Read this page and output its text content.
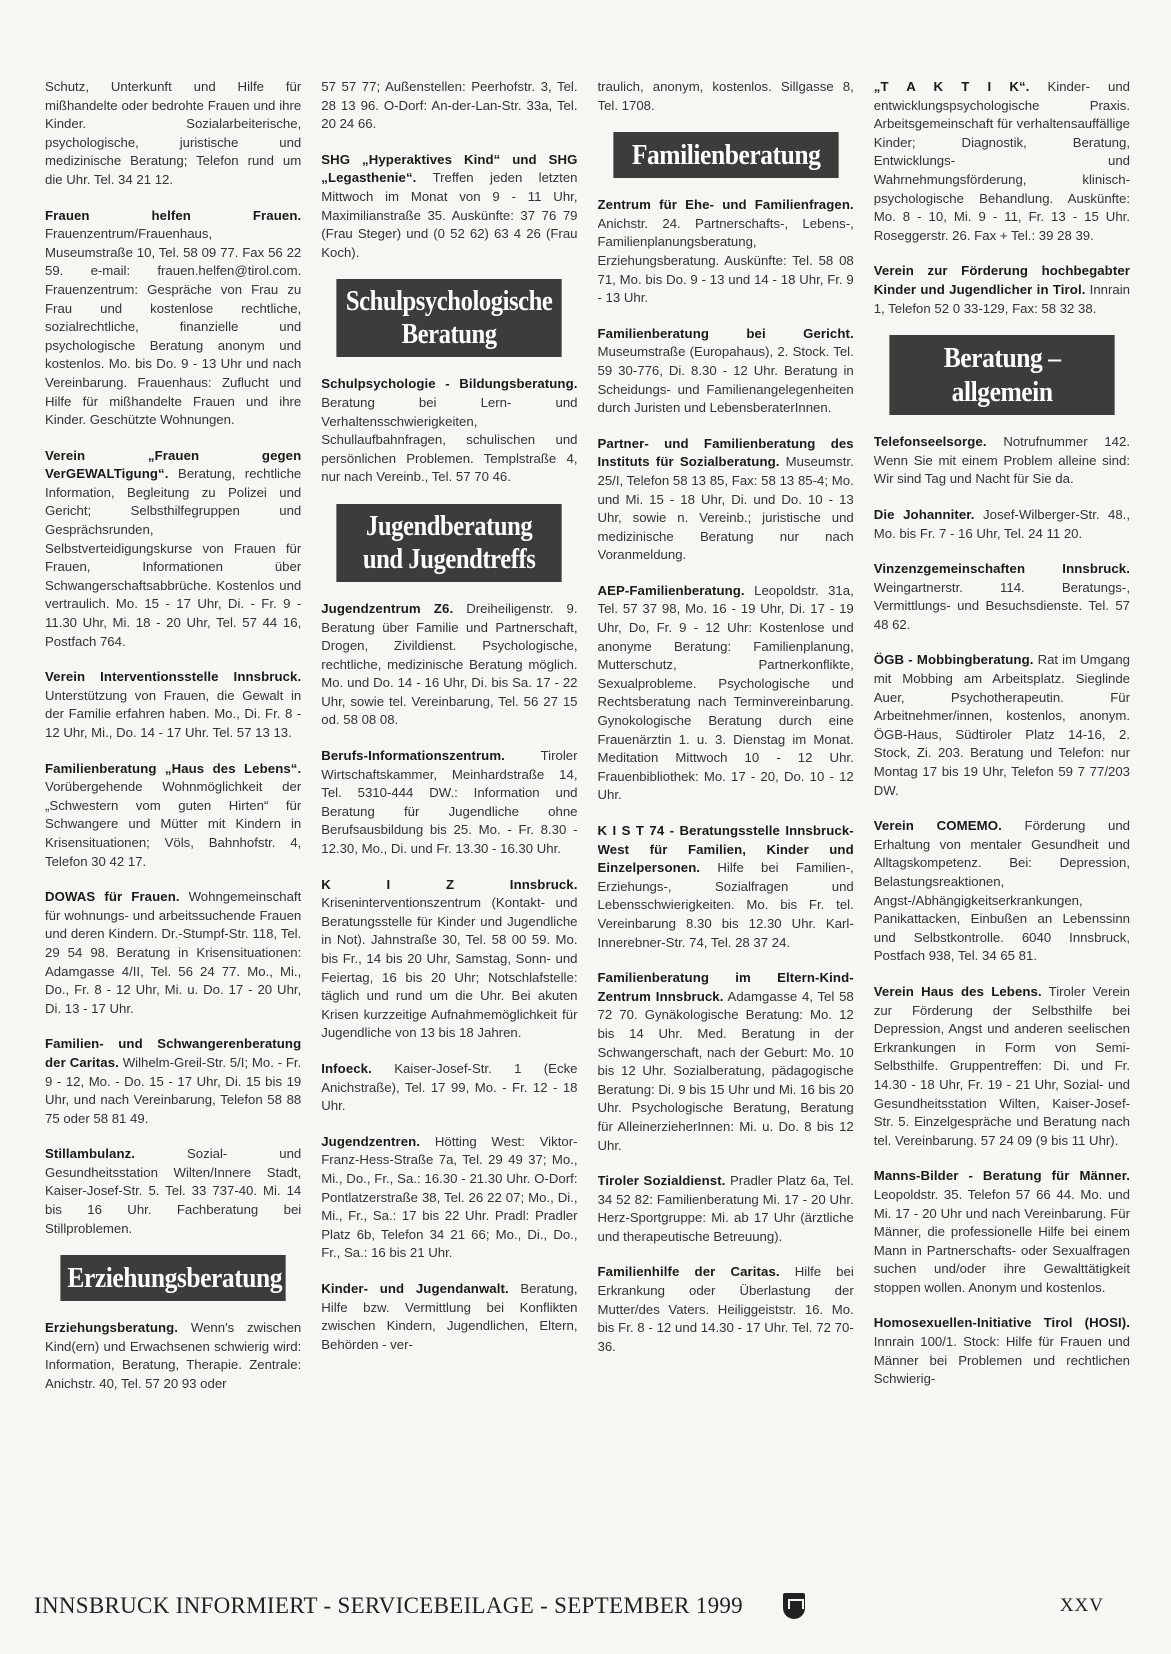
Schutz, Unterkunft und Hilfe für mißhandelte oder bedrohte Frauen und ihre Kinder. Sozialarbeiterische, psychologische, juristische und medizinische Beratung; Telefon rund um die Uhr. Tel. 34 21 12.

Frauen helfen Frauen. Frauenzentrum/Frauenhaus, Museumstraße 10, Tel. 58 09 77. Fax 56 22 59. e-mail: frauen.helfen@tirol.com. Frauenzentrum: Gespräche von Frau zu Frau und kostenlose rechtliche, sozialrechtliche, finanzielle und psychologische Beratung anonym und kostenlos. Mo. bis Do. 9 - 13 Uhr und nach Vereinbarung. Frauenhaus: Zuflucht und Hilfe für mißhandelte Frauen und ihre Kinder. Geschützte Wohnungen.

Verein „Frauen gegen VerGEWALTigung“. Beratung, rechtliche Information, Begleitung zu Polizei und Gericht; Selbsthilfegruppen und Gesprächsrunden, Selbstverteidigungskurse von Frauen für Frauen, Informationen über Schwangerschaftsabbrüche. Kostenlos und vertraulich. Mo. 15 - 17 Uhr, Di. - Fr. 9 - 11.30 Uhr, Mi. 18 - 20 Uhr, Tel. 57 44 16, Postfach 764.

Verein Interventionsstelle Innsbruck. Unterstützung von Frauen, die Gewalt in der Familie erfahren haben. Mo., Di. Fr. 8 - 12 Uhr, Mi., Do. 14 - 17 Uhr. Tel. 57 13 13.

Familienberatung „Haus des Lebens“. Vorübergehende Wohnmöglichkeit der „Schwestern vom guten Hirten“ für Schwangere und Mütter mit Kindern in Krisensituationen; Völs, Bahnhofstr. 4, Telefon 30 42 17.

DOWAS für Frauen. Wohngemeinschaft für wohnungs- und arbeitssuchende Frauen und deren Kindern. Dr.-Stumpf-Str. 118, Tel. 29 54 98. Beratung in Krisensituationen: Adamgasse 4/II, Tel. 56 24 77. Mo., Mi., Do., Fr. 8 - 12 Uhr, Mi. u. Do. 17 - 20 Uhr, Di. 13 - 17 Uhr.

Familien- und Schwangerenberatung der Caritas. Wilhelm-Greil-Str. 5/I; Mo. - Fr. 9 - 12, Mo. - Do. 15 - 17 Uhr, Di. 15 bis 19 Uhr, und nach Vereinbarung, Telefon 58 88 75 oder 58 81 49.

Stillambulanz.	Sozial- und Gesundheitsstation Wilten/Innere Stadt, Kaiser-Josef-Str. 5. Tel. 33 737-40. Mi. 14 bis 16 Uhr. Fachberatung bei Stillproblemen.

Erziehungsberatung

Erziehungsberatung. Wenn's zwischen Kind(ern) und Erwachsenen schwierig wird: Information, Beratung, Therapie. Zentrale: Anichstr. 40, Tel. 57 20 93 oder

57 57 77; Außenstellen: Peerhofstr. 3, Tel. 28 13 96. O-Dorf: An-der-Lan-Str. 33a, Tel. 20 24 66.

SHG „Hyperaktives Kind“ und SHG „Legasthenie“. Treffen jeden letzten Mittwoch im Monat von 9 - 11 Uhr, Maximilianstraße 35. Auskünfte: 37 76 79 (Frau Steger) und (0 52 62) 63 4 26 (Frau Koch).

Schulpsychologische
Beratung

Schulpsychologie - Bildungsberatung. Beratung bei Lern- und Verhaltensschwierigkeiten, Schullaufbahnfragen, schulischen und persönlichen Problemen. Templstraße 4, nur nach Vereinb., Tel. 57 70 46.

Jugendberatung
und Jugendtreffs

Jugendzentrum Z6. Dreiheiligenstr. 9. Beratung über Familie und Partnerschaft, Drogen, Zivildienst. Psychologische, rechtliche, medizinische Beratung möglich. Mo. und Do. 14 - 16 Uhr, Di. bis Sa. 17 - 22 Uhr, sowie tel. Vereinbarung, Tel. 56 27 15 od. 58 08 08.

Berufs-Informationszentrum.	Tiroler Wirtschaftskammer, Meinhardstraße 14, Tel. 5310-444 DW.: Information und Beratung für Jugendliche ohne Berufsausbildung bis 25. Mo. - Fr. 8.30 - 12.30, Mo., Di. und Fr. 13.30 - 16.30 Uhr.

K I Z Innsbruck. Kriseninterventionszentrum (Kontakt- und Beratungsstelle für Kinder und Jugendliche in Not). Jahnstraße 30, Tel. 58 00 59. Mo. bis Fr., 14 bis 20 Uhr, Samstag, Sonn- und Feiertag, 16 bis 20 Uhr; Notschlafstelle: täglich und rund um die Uhr. Bei akuten Krisen kurzzeitige Aufnahmemöglichkeit für Jugendliche von 13 bis 18 Jahren.

Infoeck. Kaiser-Josef-Str. 1 (Ecke Anichstraße), Tel. 17 99, Mo. - Fr. 12 - 18 Uhr.

Jugendzentren. Hötting West: Viktor-Franz-Hess-Straße 7a, Tel. 29 49 37; Mo., Mi., Do., Fr., Sa.: 16.30 - 21.30 Uhr. O-Dorf: Pontlatzerstraße 38, Tel. 26 22 07; Mo., Di., Mi., Fr., Sa.: 17 bis 22 Uhr. Pradl: Pradler Platz 6b, Telefon 34 21 66; Mo., Di., Do., Fr., Sa.: 16 bis 21 Uhr.

Kinder- und Jugendanwalt. Beratung, Hilfe bzw. Vermittlung bei Konflikten zwischen Kindern, Jugendlichen, Eltern, Behörden - ver-

traulich, anonym, kostenlos. Sillgasse 8, Tel. 1708.

Familienberatung

Zentrum für Ehe- und Familienfragen. Anichstr. 24. Partnerschafts-, Lebens-, Familienplanungsberatung, Erziehungsberatung. Auskünfte: Tel. 58 08 71, Mo. bis Do. 9 - 13 und 14 - 18 Uhr, Fr. 9 - 13 Uhr.

Familienberatung bei Gericht. Museumstraße (Europahaus), 2. Stock. Tel. 59 30-776, Di. 8.30 - 12 Uhr. Beratung in Scheidungs- und Familienangelegenheiten durch Juristen und LebensberaterInnen.

Partner- und Familienberatung des Instituts für Sozialberatung. Museumstr. 25/I, Telefon 58 13 85, Fax: 58 13 85-4; Mo. und Mi. 15 - 18 Uhr, Di. und Do. 10 - 13 Uhr, sowie n. Vereinb.; juristische und medizinische Beratung nur nach Voranmeldung.

AEP-Familienberatung. Leopoldstr. 31a, Tel. 57 37 98, Mo. 16 - 19 Uhr, Di. 17 - 19 Uhr, Do, Fr. 9 - 12 Uhr: Kostenlose und anonyme Beratung: Familienplanung, Mutterschutz, Partnerkonflikte, Sexualprobleme. Psychologische und Rechtsberatung nach Terminvereinbarung. Gynokologische Beratung durch eine Frauenärztin 1. u. 3. Dienstag im Monat. Meditation Mittwoch 10 - 12 Uhr. Frauenbibliothek: Mo. 17 - 20, Do. 10 - 12 Uhr.

K I S T 74 - Beratungsstelle Innsbruck-West für Familien, Kinder und Einzelpersonen. Hilfe bei Familien-, Erziehungs-, Sozialfragen und Lebensschwierigkeiten. Mo. bis Fr. tel. Vereinbarung 8.30 bis 12.30 Uhr. Karl-Innerebner-Str. 74, Tel. 28 37 24.

Familienberatung im Eltern-Kind-Zentrum Innsbruck. Adamgasse 4, Tel 58 72 70. Gynäkologische Beratung: Mo. 12 bis 14 Uhr. Med. Beratung in der Schwangerschaft, nach der Geburt: Mo. 10 bis 12 Uhr. Sozialberatung, pädagogische Beratung: Di. 9 bis 15 Uhr und Mi. 16 bis 20 Uhr. Psychologische Beratung, Beratung für AlleinerzieherInnen: Mi. u. Do. 8 bis 12 Uhr.

Tiroler Sozialdienst. Pradler Platz 6a, Tel. 34 52 82: Familienberatung Mi. 17 - 20 Uhr. Herz-Sportgruppe: Mi. ab 17 Uhr (ärztliche und therapeutische Betreuung).

Familienhilfe der Caritas. Hilfe bei Erkrankung oder Überlastung der Mutter/des Vaters. Heiliggeiststr. 16. Mo. bis Fr. 8 - 12 und 14.30 - 17 Uhr. Tel. 72 70-36.

„T A K T I K“. Kinder- und entwicklungspsychologische Praxis. Arbeitsgemeinschaft für verhaltensauffällige Kinder; Diagnostik, Beratung, Entwicklungs- und Wahrnehmungsförderung, klinisch-psychologische Behandlung. Auskünfte: Mo. 8 - 10, Mi. 9 - 11, Fr. 13 - 15 Uhr. Roseggerstr. 26. Fax + Tel.: 39 28 39.

Verein zur Förderung hochbegabter Kinder und Jugendlicher in Tirol. Innrain 1, Telefon 52 0 33-129, Fax: 58 32 38.

Beratung – allgemein

Telefonseelsorge. Notrufnummer 142. Wenn Sie mit einem Problem alleine sind: Wir sind Tag und Nacht für Sie da.

Die Johanniter. Josef-Wilberger-Str. 48., Mo. bis Fr. 7 - 16 Uhr, Tel. 24 11 20.

Vinzenzgemeinschaften Innsbruck. Weingartnerstr. 114. Beratungs-, Vermittlungs- und Besuchsdienste. Tel. 57 48 62.

ÖGB - Mobbingberatung. Rat im Umgang mit Mobbing am Arbeitsplatz. Sieglinde Auer, Psychotherapeutin. Für Arbeitnehmer/innen, kostenlos, anonym. ÖGB-Haus, Südtiroler Platz 14-16, 2. Stock, Zi. 203. Beratung und Telefon: nur Montag 17 bis 19 Uhr, Telefon 59 7 77/203 DW.

Verein COMEMO. Förderung und Erhaltung von mentaler Gesundheit und Alltagskompetenz. Bei: Depression, Belastungsreaktionen, Angst-/Abhängigkeitserkrankungen, Panikattacken, Einbußen an Lebenssinn und Selbstkontrolle. 6040 Innsbruck, Postfach 938, Tel. 34 65 81.

Verein Haus des Lebens. Tiroler Verein zur Förderung der Selbsthilfe bei Depression, Angst und anderen seelischen Erkrankungen in Form von Semi-Selbsthilfe. Gruppentreffen: Di. und Fr. 14.30 - 18 Uhr, Fr. 19 - 21 Uhr, Sozial- und Gesundheitsstation Wilten, Kaiser-Josef-Str. 5. Einzelgespräche und Beratung nach tel. Vereinbarung. 57 24 09 (9 bis 11 Uhr).

Manns-Bilder - Beratung für Männer. Leopoldstr. 35. Telefon 57 66 44. Mo. und Mi. 17 - 20 Uhr und nach Vereinbarung. Für Männer, die professionelle Hilfe bei einem Mann in Partnerschafts- oder Sexualfragen suchen und/oder ihre Gewalttätigkeit stoppen wollen. Anonym und kostenlos.

Homosexuellen-Initiative Tirol (HOSI). Innrain 100/1. Stock: Hilfe für Frauen und Männer bei Problemen und rechtlichen Schwierig-

INNSBRUCK INFORMIERT - SERVICEBEILAGE - SEPTEMBER 1999	XXV
